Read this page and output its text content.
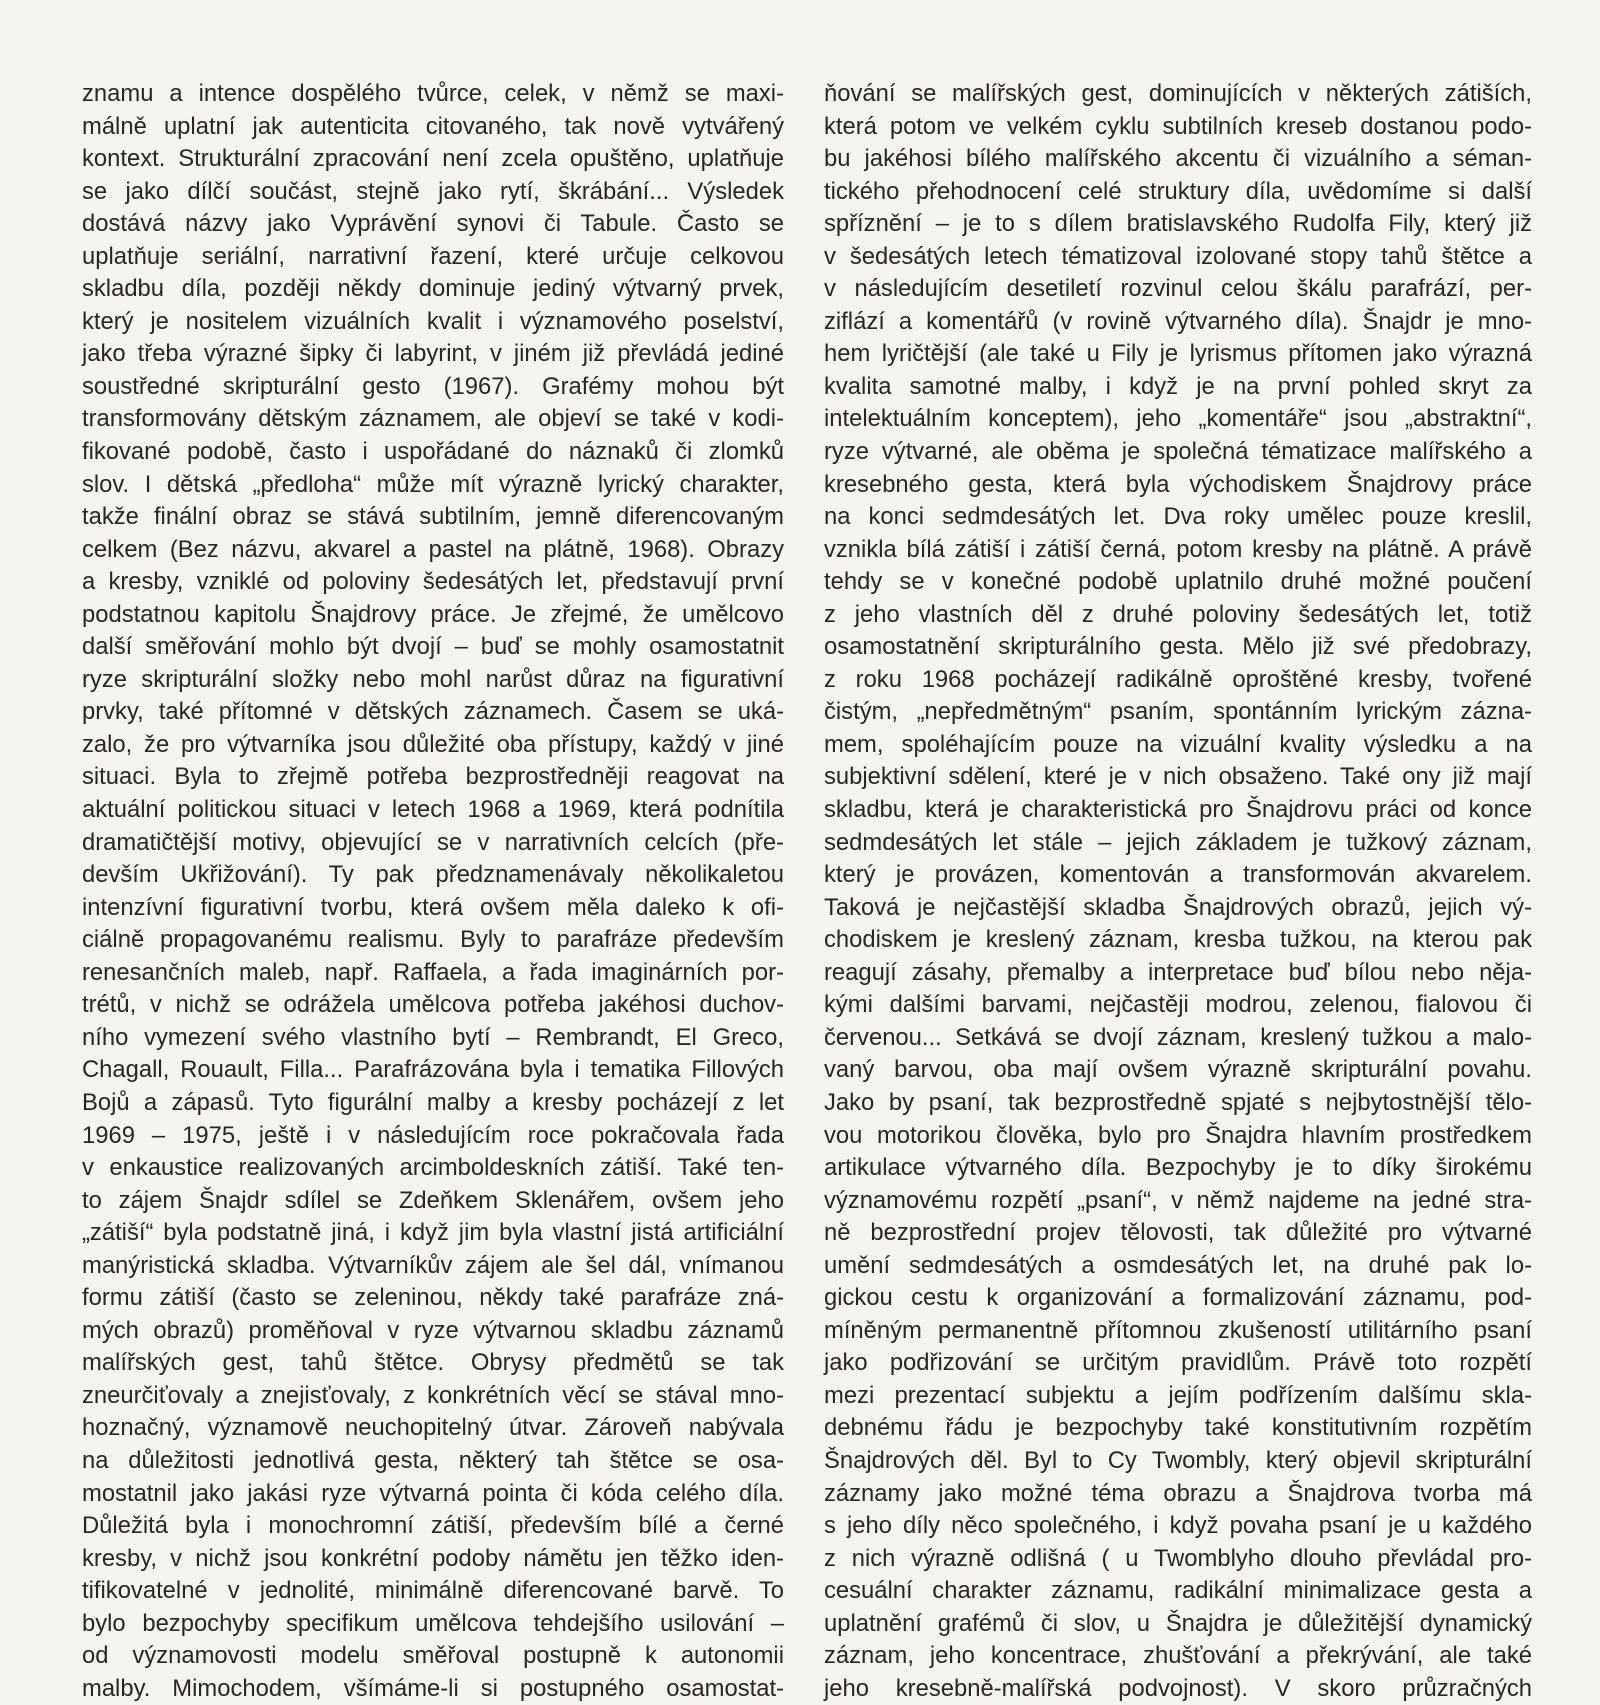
znamu a intence dospělého tvůrce, celek, v němž se maxi-
málně uplatní jak autenticita citovaného, tak nově vytvářený
kontext. Strukturální zpracování není zcela opuštěno, uplatňuje
se jako dílčí součást, stejně jako rytí, škrábání... Výsledek
dostává názvy jako Vyprávění synovi či Tabule. Často se
uplatňuje seriální, narrativní řazení, které určuje celkovou
skladbu díla, později někdy dominuje jediný výtvarný prvek,
který je nositelem vizuálních kvalit i významového poselství,
jako třeba výrazné šipky či labyrint, v jiném již převládá jediné
soustředné skripturální gesto (1967). Grafémy mohou být
transformovány dětským záznamem, ale objeví se také v kodi-
fikované podobě, často i uspořádané do náznaků či zlomků
slov. I dětská „předloha“ může mít výrazně lyrický charakter,
takže finální obraz se stává subtilním, jemně diferencovaným
celkem (Bez názvu, akvarel a pastel na plátně, 1968). Obrazy
a kresby, vzniklé od poloviny šedesátých let, představují první
podstatnou kapitolu Šnajdrovy práce. Je zřejmé, že umělcovo
další směřování mohlo být dvojí – buď se mohly osamostatnit
ryze skripturální složky nebo mohl narůst důraz na figurativní
prvky, také přítomné v dětských záznamech. Časem se uká-
zalo, že pro výtvarníka jsou důležité oba přístupy, každý v jiné
situaci. Byla to zřejmě potřeba bezprostředněji reagovat na
aktuální politickou situaci v letech 1968 a 1969, která podnítila
dramatičtější motivy, objevující se v narrativních celcích (pře-
devším Ukřižování). Ty pak předznamenávaly několikaletou
intenzívní figurativní tvorbu, která ovšem měla daleko k ofi-
ciálně propagovanému realismu. Byly to parafráze především
renesančních maleb, např. Raffaela, a řada imaginárních por-
trétů, v nichž se odrážela umělcova potřeba jakéhosi duchov-
ního vymezení svého vlastního bytí – Rembrandt, El Greco,
Chagall, Rouault, Filla... Parafrázována byla i tematika Fillových
Bojů a zápasů. Tyto figurální malby a kresby pocházejí z let
1969 – 1975, ještě i v následujícím roce pokračovala řada
v enkaustice realizovaných arcimboldeskních zátiší. Také ten-
to zájem Šnajdr sdílel se Zdeňkem Sklenářem, ovšem jeho
„zátiší“ byla podstatně jiná, i když jim byla vlastní jistá artificiální
manýristická skladba. Výtvarníkův zájem ale šel dál, vnímanou
formu zátiší (často se zeleninou, někdy také parafráze zná-
mých obrazů) proměňoval v ryze výtvarnou skladbu záznamů
malířských gest, tahů štětce. Obrysy předmětů se tak
zneurčiťovaly a znejisťovaly, z konkrétních věcí se stával mno-
hoznačný, významově neuchopitelný útvar. Zároveň nabývala
na důležitosti jednotlivá gesta, některý tah štětce se osa-
mostatnil jako jakási ryze výtvarná pointa či kóda celého díla.
Důležitá byla i monochromní zátiší, především bílé a černé
kresby, v nichž jsou konkrétní podoby námětu jen těžko iden-
tifikovatelné v jednolité, minimálně diferencované barvě. To
bylo bezpochyby specifikum umělcova tehdejšího usilování –
od významovosti modelu směřoval postupně k autonomii
malby. Mimochodem, všímáme-li si postupného osamostat-
ňování se malířských gest, dominujících v některých zátiších,
která potom ve velkém cyklu subtilních kreseb dostanou podo-
bu jakéhosi bílého malířského akcentu či vizuálního a séman-
tického přehodnocení celé struktury díla, uvědomíme si další
spříznění – je to s dílem bratislavského Rudolfa Fily, který již
v šedesátých letech tématizoval izolované stopy tahů štětce a
v následujícím desetiletí rozvinul celou škálu parafrází, per-
ziflází a komentářů (v rovině výtvarného díla). Šnajdr je mno-
hem lyričtější (ale také u Fily je lyrismus přítomen jako výrazná
kvalita samotné malby, i když je na první pohled skryt za
intelektuálním konceptem), jeho „komentáře“ jsou „abstraktní“,
ryze výtvarné, ale oběma je společná tématizace malířského a
kresebného gesta, která byla východiskem Šnajdrovy práce
na konci sedmdesátých let. Dva roky umělec pouze kreslil,
vznikla bílá zátiší i zátiší černá, potom kresby na plátně. A právě
tehdy se v konečné podobě uplatnilo druhé možné poučení
z jeho vlastních děl z druhé poloviny šedesátých let, totiž
osamostatnění skripturálního gesta. Mělo již své předobrazy,
z roku 1968 pocházejí radikálně oproštěné kresby, tvořené
čistým, „nepředmětným“ psaním, spontánním lyrickým zázna-
mem, spoléhajícím pouze na vizuální kvality výsledku a na
subjektivní sdělení, které je v nich obsaženo. Také ony již mají
skladbu, která je charakteristická pro Šnajdrovu práci od konce
sedmdesátých let stále – jejich základem je tužkový záznam,
který je provázen, komentován a transformován akvarelem.
Taková je nejčastější skladba Šnajdrových obrazů, jejich vý-
chodiskem je kreslený záznam, kresba tužkou, na kterou pak
reagují zásahy, přemalby a interpretace buď bílou nebo něja-
kými dalšími barvami, nejčastěji modrou, zelenou, fialovou či
červenou... Setkává se dvojí záznam, kreslený tužkou a malo-
vaný barvou, oba mají ovšem výrazně skripturální povahu.
Jako by psaní, tak bezprostředně spjaté s nejbytostnější tělo-
vou motorikou člověka, bylo pro Šnajdra hlavním prostředkem
artikulace výtvarného díla. Bezpochyby je to díky širokému
významovému rozpětí „psaní“, v němž najdeme na jedné stra-
ně bezprostřední projev tělovosti, tak důležité pro výtvarné
umění sedmdesátých a osmdesátých let, na druhé pak lo-
gickou cestu k organizování a formalizování záznamu, pod-
míněným permanentně přítomnou zkušeností utilitárního psaní
jako podřizování se určitým pravidlům. Právě toto rozpětí
mezi prezentací subjektu a jejím podřízením dalšímu skla-
debnému řádu je bezpochyby také konstitutivním rozpětím
Šnajdrových děl. Byl to Cy Twombly, který objevil skripturální
záznamy jako možné téma obrazu a Šnajdrova tvorba má
s jeho díly něco společného, i když povaha psaní je u každého
z nich výrazně odlišná ( u Twomblyho dlouho převládal pro-
cesuální charakter záznamu, radikální minimalizace gesta a
uplatnění grafémů či slov, u Šnajdra je důležitější dynamický
záznam, jeho koncentrace, zhušťování a překrývání, ale také
jeho kresebně-malířská podvojnost). V skoro průzračných
